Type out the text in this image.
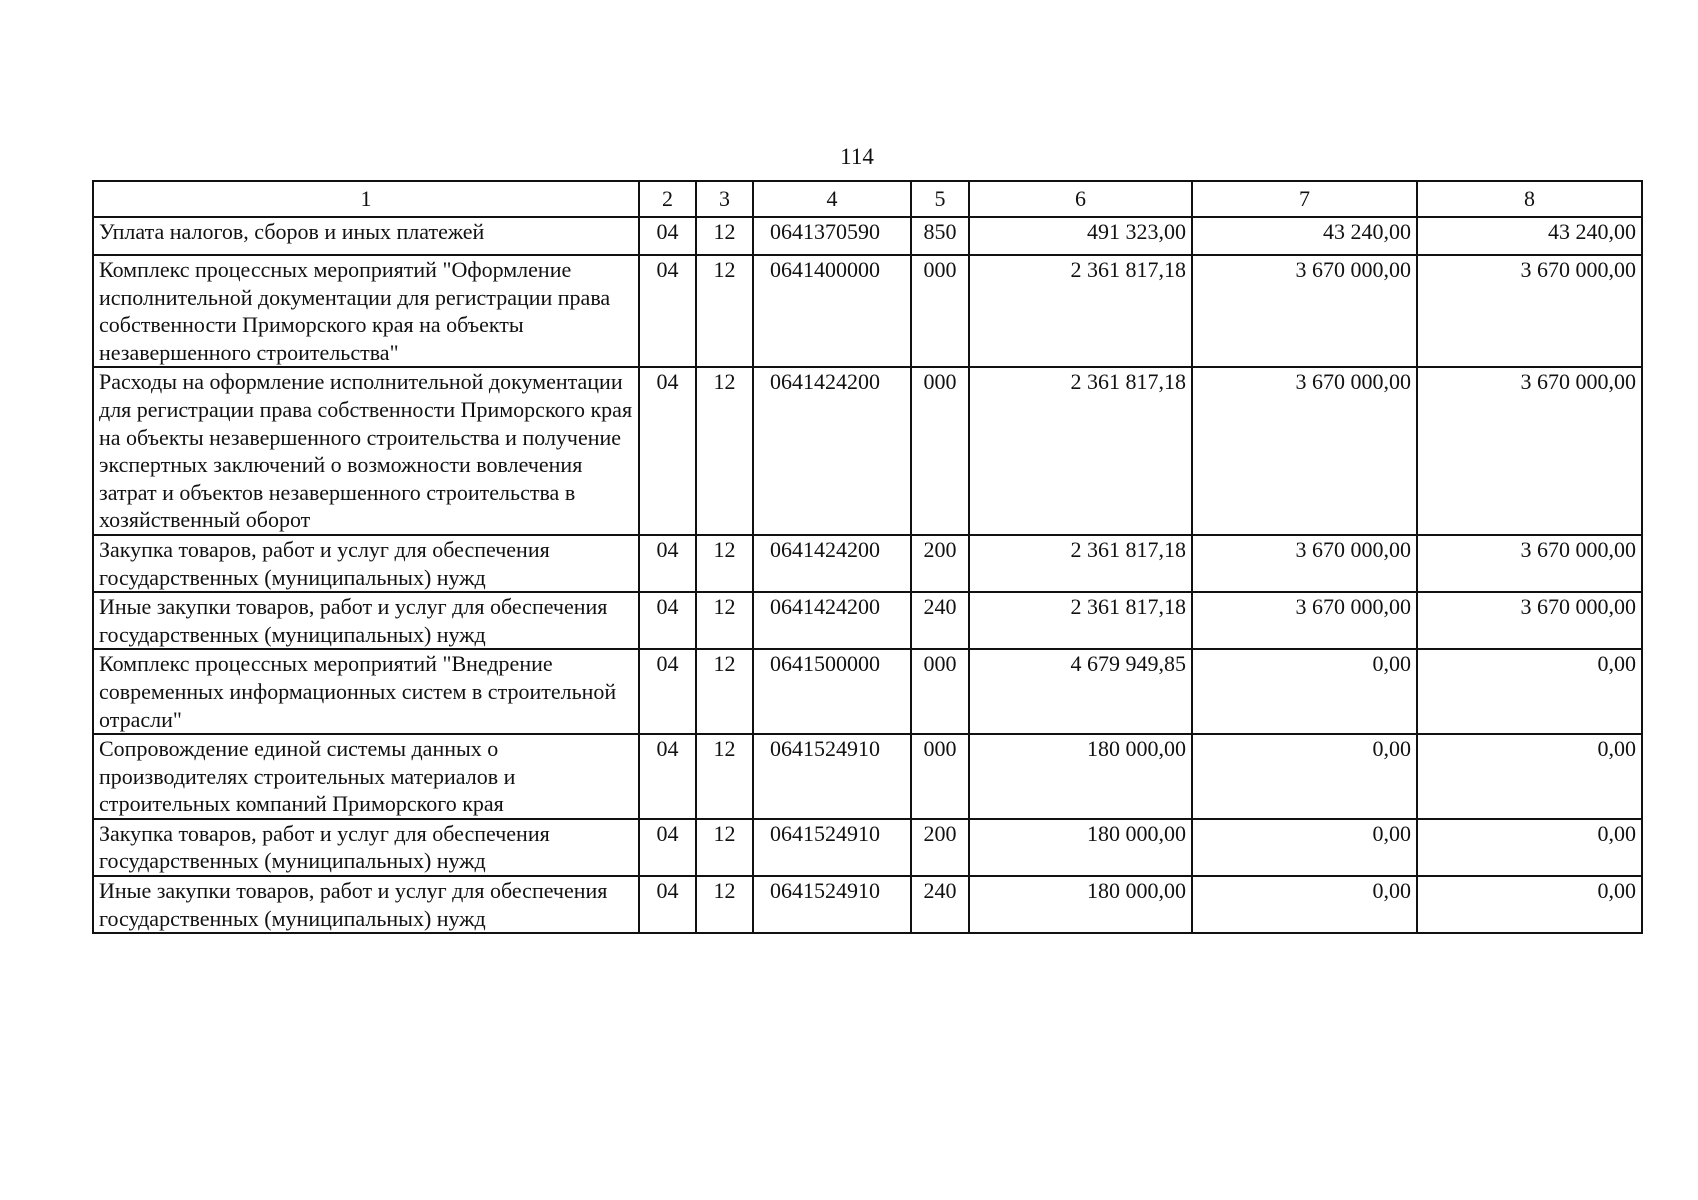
114
1	2	3	4	5	6	7	8
Уплата налогов, сборов и иных платежей	04	12	0641370590	850	491 323,00	43 240,00	43 240,00
Комплекс процессных мероприятий "Оформление исполнительной документации для регистрации права собственности Приморского края на объекты незавершенного строительства"	04	12	0641400000	000	2 361 817,18	3 670 000,00	3 670 000,00
Расходы на оформление исполнительной документации для регистрации права собственности Приморского края на объекты незавершенного строительства и получение экспертных заключений о возможности вовлечения затрат и объектов незавершенного строительства в хозяйственный оборот	04	12	0641424200	000	2 361 817,18	3 670 000,00	3 670 000,00
Закупка товаров, работ и услуг для обеспечения государственных (муниципальных) нужд	04	12	0641424200	200	2 361 817,18	3 670 000,00	3 670 000,00
Иные закупки товаров, работ и услуг для обеспечения государственных (муниципальных) нужд	04	12	0641424200	240	2 361 817,18	3 670 000,00	3 670 000,00
Комплекс процессных мероприятий "Внедрение современных информационных систем в строительной отрасли"	04	12	0641500000	000	4 679 949,85	0,00	0,00
Сопровождение единой системы данных о производителях строительных материалов и строительных компаний Приморского края	04	12	0641524910	000	180 000,00	0,00	0,00
Закупка товаров, работ и услуг для обеспечения государственных (муниципальных) нужд	04	12	0641524910	200	180 000,00	0,00	0,00
Иные закупки товаров, работ и услуг для обеспечения государственных (муниципальных) нужд	04	12	0641524910	240	180 000,00	0,00	0,00
